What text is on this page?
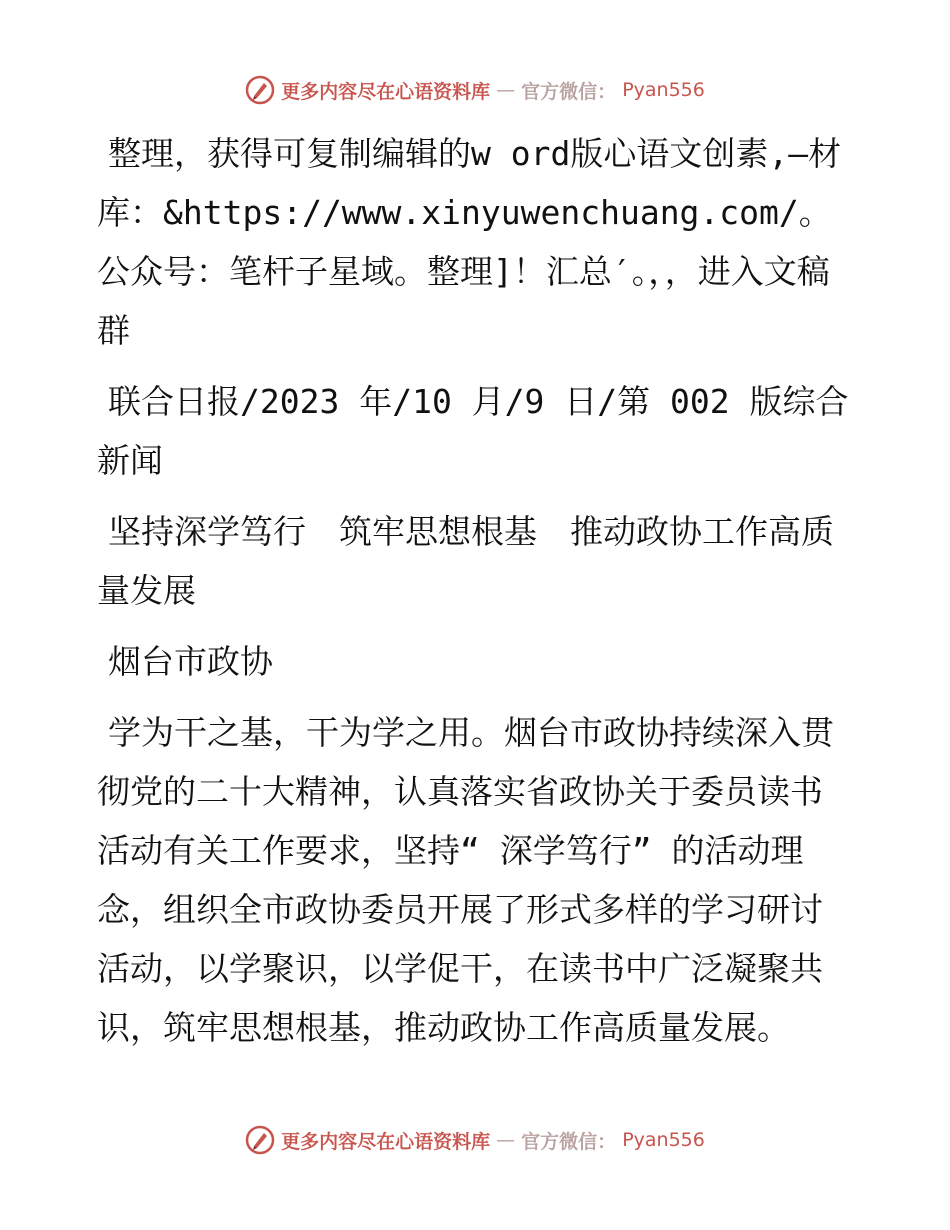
更多内容尽在心语资料库 — 官方微信： Pyan556

整理，获得可复制编辑的w ord版心语文创素,—材库：&https://www.xinyuwenchuang.com/。公众号：笔杆子星域。整理]！汇总′。，，进入文稿群

联合日报/2023 年/10 月/9 日/第 002 版综合新闻

坚持深学笃行　筑牢思想根基　推动政协工作高质量发展

烟台市政协

学为干之基，干为学之用。烟台市政协持续深入贯彻党的二十大精神，认真落实省政协关于委员读书活动有关工作要求，坚持“ 深学笃行” 的活动理念，组织全市政协委员开展了形式多样的学习研讨活动，以学聚识，以学促干，在读书中广泛凝聚共识，筑牢思想根基，推动政协工作高质量发展。

更多内容尽在心语资料库 — 官方微信： Pyan556
